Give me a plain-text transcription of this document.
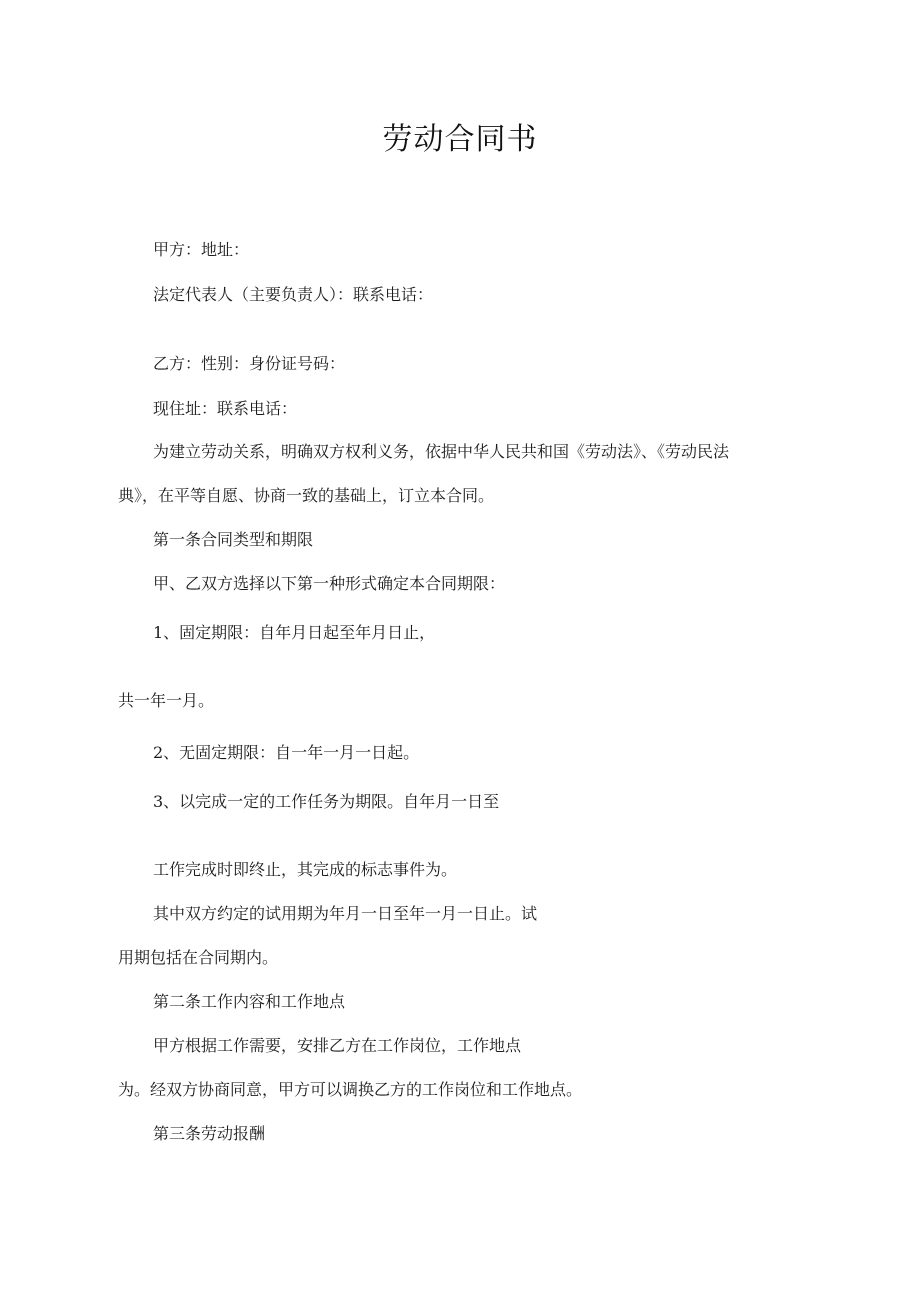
劳动合同书
甲方：地址：
法定代表人（主要负责人）：联系电话：
乙方：性别：身份证号码：
现住址：联系电话：
为建立劳动关系，明确双方权利义务，依据中华人民共和国《劳动法》、《劳动民法
典》，在平等自愿、协商一致的基础上，订立本合同。
第一条合同类型和期限
甲、乙双方选择以下第一种形式确定本合同期限：
1、固定期限：自年月日起至年月日止，
共一年一月。
2、无固定期限：自一年一月一日起。
3、以完成一定的工作任务为期限。自年月一日至
工作完成时即终止，其完成的标志事件为。
其中双方约定的试用期为年月一日至年一月一日止。试
用期包括在合同期内。
第二条工作内容和工作地点
甲方根据工作需要，安排乙方在工作岗位，工作地点
为。经双方协商同意，甲方可以调换乙方的工作岗位和工作地点。
第三条劳动报酬
